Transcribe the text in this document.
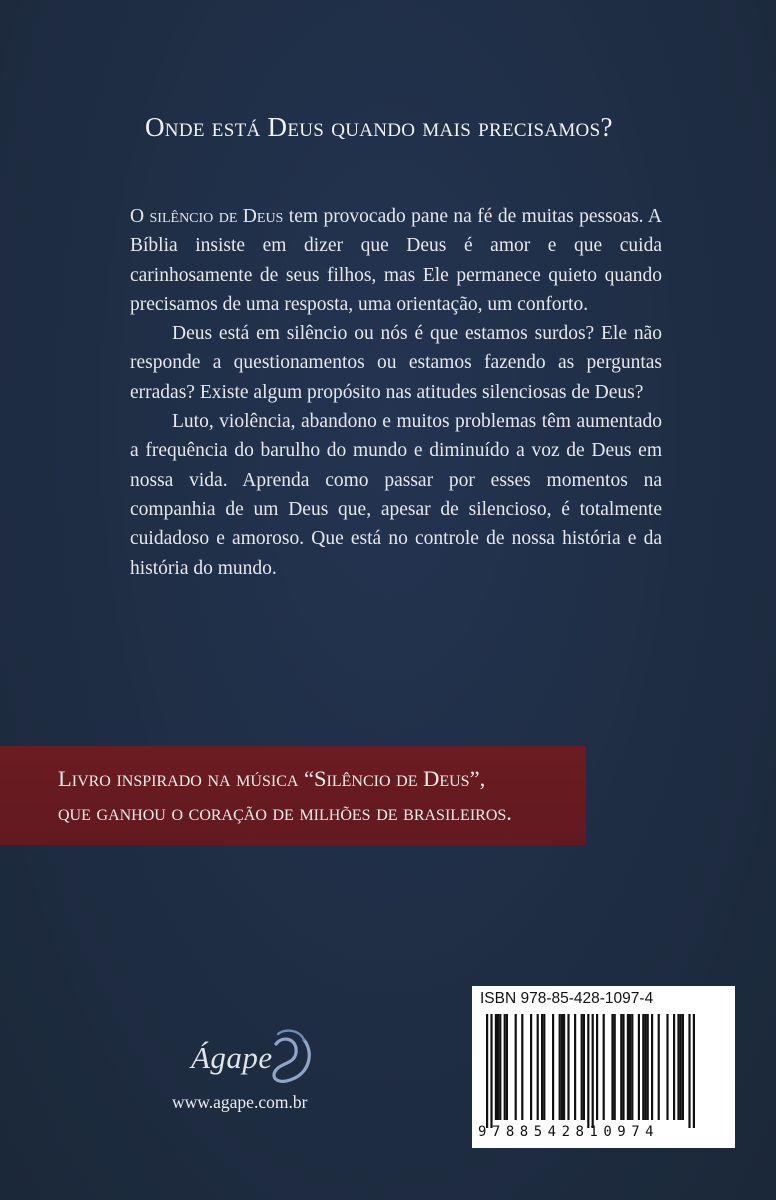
Onde está Deus quando mais precisamos?

O silêncio de Deus tem provocado pane na fé de muitas pessoas. A Bíblia insiste em dizer que Deus é amor e que cuida carinhosamente de seus filhos, mas Ele permanece quieto quando precisamos de uma resposta, uma orientação, um conforto.

Deus está em silêncio ou nós é que estamos surdos? Ele não responde a questionamentos ou estamos fazendo as perguntas erradas? Existe algum propósito nas atitudes silenciosas de Deus?

Luto, violência, abandono e muitos problemas têm aumentado a frequência do barulho do mundo e diminuído a voz de Deus em nossa vida. Aprenda como passar por esses momentos na companhia de um Deus que, apesar de silencioso, é totalmente cuidadoso e amoroso. Que está no controle de nossa história e da história do mundo.

Livro inspirado na música “Silêncio de Deus”,

que ganhou o coração de milhões de brasileiros.

Ágape
www.agape.com.br
ISBN 978-85-428-1097-4
9788542810974
